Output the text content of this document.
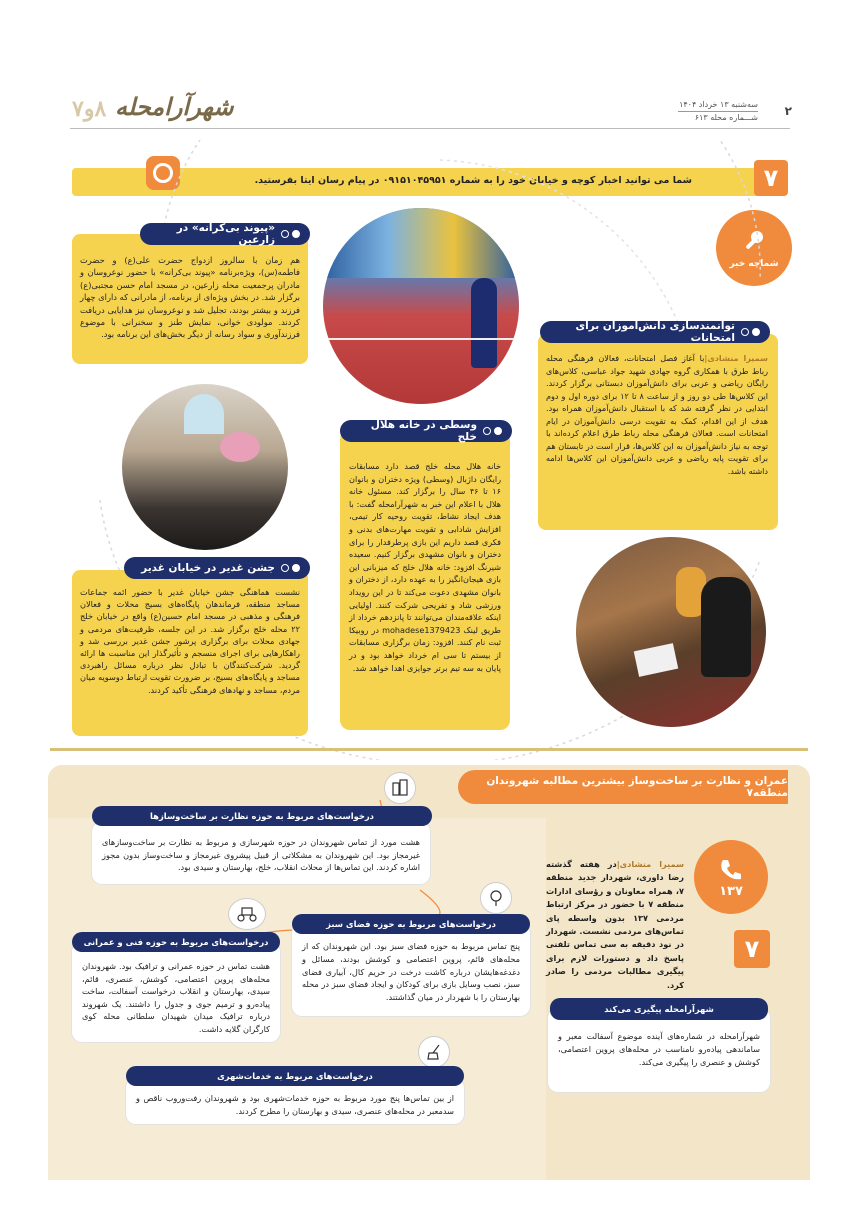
سه‌شنبه ۱۳ خرداد ۱۴۰۴
شـــماره محله ۶۱۳ ۲
شهرآرامحله
۸و۷
شما می توانید اخبار کوچه و خیابان خود را به شماره ۰۹۱۵۱۰۴۵۹۵۱ در پیام رسان ایتا بفرستید.	۷
شماچه خبر
هم زمان با سالروز ازدواج حضرت علی(ع) و حضرت فاطمه(س)، ویژه‌برنامه «پیوند بی‌کرانه» با حضور نوعروسان و مادران پرجمعیت محله زارعین، در مسجد امام حسن مجتبی(ع) برگزار شد. در بخش ویژه‌ای از برنامه، از مادرانی که دارای چهار فرزند و بیشتر بودند، تجلیل شد و نوعروسان نیز هدایایی دریافت کردند. مولودی خوانی، نمایش طنز و سخنرانی با موضوع فرزندآوری و سواد رسانه از دیگر بخش‌های این برنامه بود.
«پیوند بی‌کرانه» در زارعین
سمیرا منشادی|با آغاز فصل امتحانات، فعالان فرهنگی محله رباط طرق با همکاری گروه جهادی شهید جواد عباسی، کلاس‌های رایگان ریاضی و عربی برای دانش‌آموزان دبستانی برگزار کردند. این کلاس‌ها طی دو روز و از ساعت ۸ تا ۱۲ برای دوره اول و دوم ابتدایی در نظر گرفته شد که با استقبال دانش‌آموزان همراه بود. هدف از این اقدام، کمک به تقویت درسی دانش‌آموزان در ایام امتحانات است. فعالان فرهنگی محله رباط طرق اعلام کرده‌اند با توجه به نیاز دانش‌آموزان به این کلاس‌ها، قرار است در تابستان هم برای تقویت پایه ریاضی و عربی دانش‌آموزان این کلاس‌ها ادامه داشته باشد.
توانمندسازی دانش‌آموزان برای امتحانات
خانه هلال محله خلج قصد دارد مسابقات رایگان داژبال (وسطی) ویژه دختران و بانوان ۱۶ تا ۴۶ سال را برگزار کند. مسئول خانه هلال با اعلام این خبر به شهرآرامحله گفت: با هدف ایجاد نشاط، تقویت روحیه کار تیمی، افزایش شادابی و تقویت مهارت‌های بدنی و فکری قصد داریم این بازی پرطرفدار را برای دختران و بانوان مشهدی برگزار کنیم. سعیده شیرنگ افزود: خانه هلال خلج که میزبانی این بازی هیجان‌انگیز را به عهده دارد، از دختران و بانوان مشهدی دعوت می‌کند تا در این رویداد ورزشی شاد و تفریحی شرکت کنند. اولیایی اینکه علاقه‌مندان می‌توانند تا پانزدهم خرداد از طریق لینک mohadese1379423 در روبیکا ثبت نام کنند. افزود: زمان برگزاری مسابقات از بیستم تا سی ام خرداد خواهد بود و در پایان به سه تیم برتر جوایزی اهدا خواهد شد.
وسطی در خانه هلال خلج
نشست هماهنگی جشن خیابان غدیر با حضور ائمه جماعات مساجد منطقه، فرماندهان پایگاه‌های بسیج محلات و فعالان فرهنگی و مذهبی در مسجد امام حسین(ع) واقع در خیابان خلج ۲۲ محله خلج برگزار شد. در این جلسه، ظرفیت‌های مردمی و جهادی محلات برای برگزاری پرشور جشن غدیر بررسی شد و راهکارهایی برای اجرای منسجم و تأثیرگذار این مناسبت ها ارائه گردید. شرکت‌کنندگان با تبادل نظر درباره مسائل راهبردی مساجد و پایگاه‌های بسیج، بر ضرورت تقویت ارتباط دوسویه میان مردم، مساجد و نهادهای فرهنگی تأکید کردند.
جشن غدیر در خیابان غدیر
عمران و نظارت بر ساخت‌وساز بیشترین مطالبه شهروندان منطقه۷
۱۳۷
۷
سمیرا منشادی|در هفته گذشته رضا داوری، شهردار جدید منطقه ۷، همراه معاونان و رؤسای ادارات منطقه ۷ با حضور در مرکز ارتباط مردمی ۱۳۷ بدون واسطه پای تماس‌های مردمی نشست. شهردار در نود دقیقه به سی تماس تلفنی پاسخ داد و دستورات لازم برای پیگیری مطالبات مردمی را صادر کرد.
شهرآرامحله در شماره‌های آینده موضوع آسفالت معبر و ساماندهی پیاده‌رو نامناسب در محله‌های پروین اعتصامی، کوشش و عنصری را پیگیری می‌کند.
شهرآرامحله پیگیری می‌کند
هشت مورد از تماس شهروندان در حوزه شهرسازی و مربوط به نظارت بر ساخت‌وسازهای غیرمجاز بود. این شهروندان به مشکلاتی از قبیل پیشروی غیرمجاز و ساخت‌وساز بدون مجوز اشاره کردند. این تماس‌ها از محلات انقلاب، خلج، بهارستان و سیدی بود.
درخواست‌های مربوط به حوزه نظارت بر ساخت‌وسازها
پنج تماس مربوط به حوزه فضای سبز بود. این شهروندان که از محله‌های قائم، پروین اعتصامی و کوشش بودند، مسائل و دغدغه‌هایشان درباره کاشت درخت در حریم کال، آبیاری فضای سبز، نصب وسایل بازی برای کودکان و ایجاد فضای سبز در محله بهارستان را با شهردار در میان گذاشتند.
درخواست‌های مربوط به حوزه فضای سبز
هشت تماس در حوزه عمرانی و ترافیک بود. شهروندان محله‌های پروین اعتصامی، کوشش، عنصری، قائم، سیدی، بهارستان و انقلاب درخواست آسفالت، ساخت پیاده‌رو و ترمیم جوی و جدول را داشتند. یک شهروند درباره ترافیک میدان شهیدان سلطانی محله کوی کارگران گلایه داشت.
درخواست‌های مربوط به حوزه فنی و عمرانی
از بین تماس‌ها پنج مورد مربوط به حوزه خدمات‌شهری بود و شهروندان رفت‌وروب ناقص و سدمعبر در محله‌های عنصری، سیدی و بهارستان را مطرح کردند.
درخواست‌های مربوط به خدمات‌شهری
